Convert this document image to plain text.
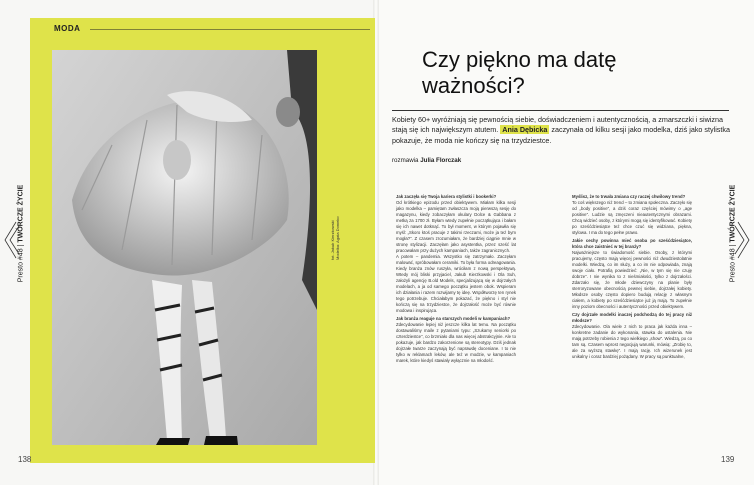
MODA
fot. Jakub Kierzkowski Modelka: Agata Domeko
Presto #48 | TWÓRCZE ŻYCIE
Presto #48 | TWÓRCZE ŻYCIE
138	139
Czy piękno ma datę
ważności?
Kobiety 60+ wyróżniają się pewnością siebie, doświadczeniem i autentycznością, a zmarszczki i siwizna stają się ich największym atutem. Ania Dębicka zaczynała od kilku sesji jako modelka, dziś jako stylistka pokazuje, że moda nie kończy się na trzydziestce.
rozmawia Julia Florczak

Jak zaczęła się Twoja kariera stylistki i bookerki?

Od krótkiego epizodu przed obiektywem. Miałam kilka sesji jako modelka – pamiętam zwłaszcza moją pierwszą sesję do magazynu, kiedy zobaczyłam okulary Dolce & Gabbana z metką za 1700 zł. Byłam wtedy zupełnie początkująca i bałam się ich nawet dotknąć. To był moment, w którym pojawiła się myśl: „Skoro ktoś pracuje z takimi rzeczami, może ja też bym mogła?”. Z czasem zrozumiałam, że bardziej ciągnie mnie w stronę stylizacji. Zaczęłam jako asystentka, przez sześć lat pracowałam przy dużych kampaniach, także zagranicznych.

A potem – pandemia. Wszystko się zatrzymało. Zaczęłam malować, spróbowałam ceramiki. To była forma odreagowania. Kiedy branża znów ruszyła, wróciłam z nową perspektywą. Wtedy mój bliski przyjaciel, Jakub Kierzkowski i Ola Suh, założyli agencję B.old Models, specjalizującą się w dojrzałych modelach, a ja od samego początku jestem obok. Wspieram ich działania i razem rozwijamy tę ideę. Współtworzę ten rynek tego potrzebuje. Chciałabym pokazać, że piękno i styl nie kończą się na trzydziestce, że dojrzałość może być równie modowa i inspirująca.

Jak branża reaguje na starszych modeli w kampaniach?

Zdecydowanie lepiej niż jeszcze kilka lat temu. Na początku dostawaliśmy maile z pytaniami typu: „Szukamy seniorki po czterdziestce”, co brzmiało dla nas więcej abstrakcyjnie. Ale to pokazuje, jak bardzo zakorzenione są stereotypy. Dziś jednak dojrzałe twarze zaczynają być naprawdę doceniane. I to nie tylko w reklamach leków, ale też w modzie, w kampaniach marek, które kiedyś stawiały wyłącznie na młodość.

Myślisz, że to trwała zmiana czy raczej chwilowy trend?

To coś większego niż trend – to zmiana społeczna. Zaczęło się od „body positive”, a dziś coraz częściej mówimy o „age positive”. Ludzie są zmęczeni nieautentycznymi obrazami. Chcą widzieć osoby, z którymi mogą się identyfikować. Kobiety po sześćdziesiątce też chce czuć się widziana, piękna, stylowa. I ma do tego pełne prawo.

Jakie cechy powinna mieć osoba po sześćdziesiątce, która chce zaistnieć w tej branży?

Najważniejsze to świadomość siebie. Osoby, z którymi pracujemy, często mają więcej pewności niż dwudziestolatnie modelki. Wiedzą, co im służy, a co im nie odpowiada, znają swoje ciało. Potrafią powiedzieć: „Nie, w tym się nie czuję dobrze”. I nie wynika to z nieśmiałości, tylko z dojrzałości. Zdarzało się, że młode dziewczyny na planie były sterroryzowane obecnością pewnej siebie, dojrzałej kobiety. Młodsze osoby często dopiero budują relację z własnym ciałem, a kobiety po sześćdziesiątce już ją mają. To zupełnie inny poziom obecności i autentyczności przed obiektywem.

Czy dojrzałe modelki inaczej podchodzą do tej pracy niż młodsze?

Zdecydowanie. Ola wiele z nich to praca jak każda inna – konkretne zadanie do wykonania, stawka do ustalenia. Nie mają potrzeby robienia z tego wielkiego „show”. Wiedzą, po co tam są. Czasem wprost negocjują warunki, mówią: „Zrobię to, ale za wyższą stawkę”. I mają rację. Ich wizerunek jest unikalny i coraz bardziej pożądany. W pracy są punktualne,
